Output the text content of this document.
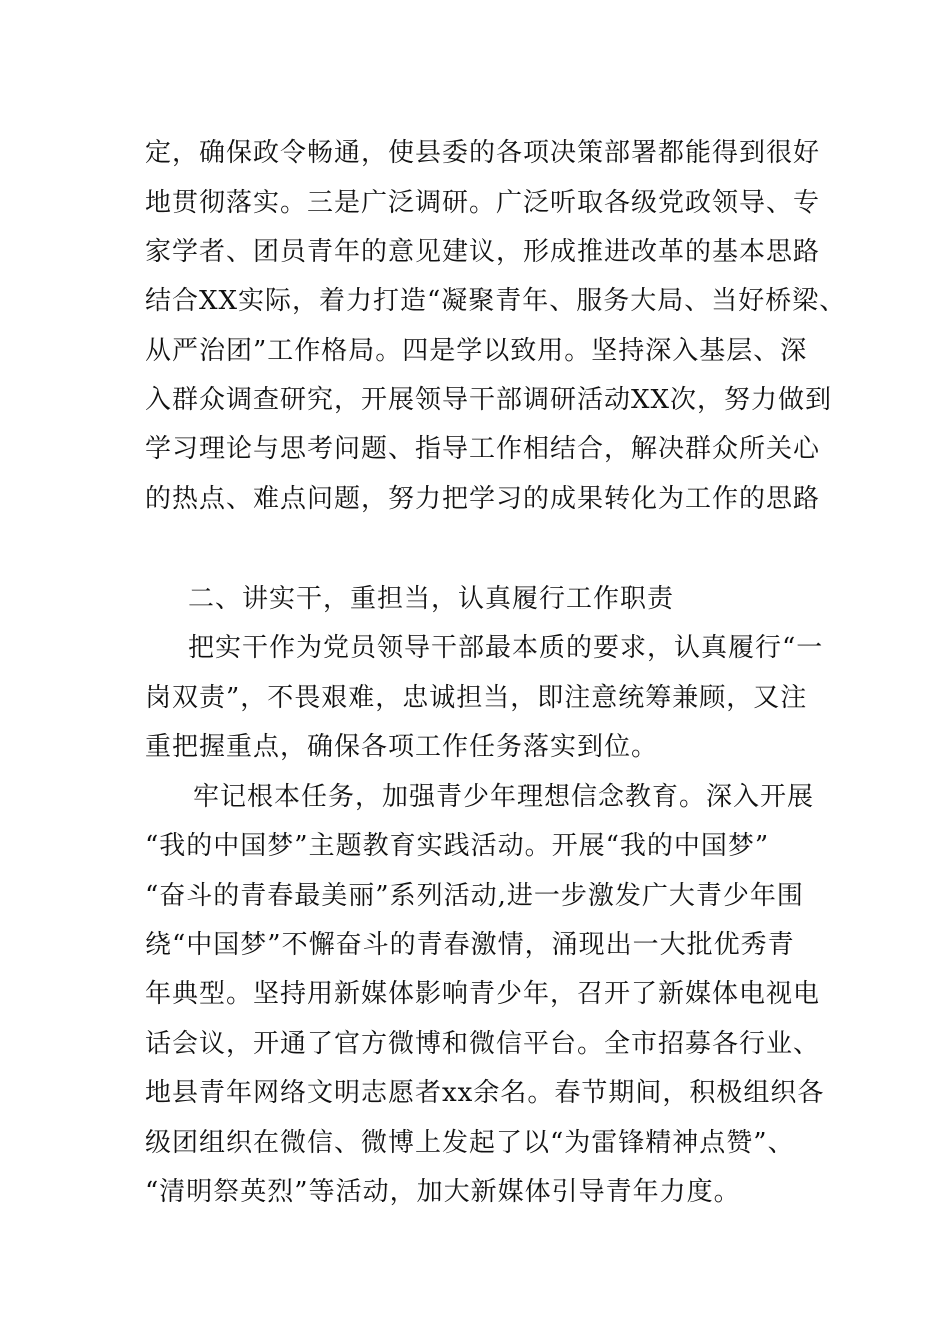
定，确保政令畅通，使县委的各项决策部署都能得到很好
地贯彻落实。三是广泛调研。广泛听取各级党政领导、专
家学者、团员青年的意见建议，形成推进改革的基本思路
结合XX实际，着力打造“凝聚青年、服务大局、当好桥梁、
从严治团”工作格局。四是学以致用。坚持深入基层、深
入群众调查研究，开展领导干部调研活动XX次，努力做到
学习理论与思考问题、指导工作相结合，解决群众所关心
的热点、难点问题，努力把学习的成果转化为工作的思路
二、讲实干，重担当，认真履行工作职责
把实干作为党员领导干部最本质的要求，认真履行“一
岗双责”，不畏艰难，忠诚担当，即注意统筹兼顾，又注
重把握重点，确保各项工作任务落实到位。
牢记根本任务，加强青少年理想信念教育。深入开展
“我的中国梦”主题教育实践活动。开展“我的中国梦”
“奋斗的青春最美丽”系列活动,进一步激发广大青少年围
绕“中国梦”不懈奋斗的青春激情，涌现出一大批优秀青
年典型。坚持用新媒体影响青少年，召开了新媒体电视电
话会议，开通了官方微博和微信平台。全市招募各行业、
地县青年网络文明志愿者xx余名。春节期间，积极组织各
级团组织在微信、微博上发起了以“为雷锋精神点赞”、
“清明祭英烈”等活动，加大新媒体引导青年力度。
